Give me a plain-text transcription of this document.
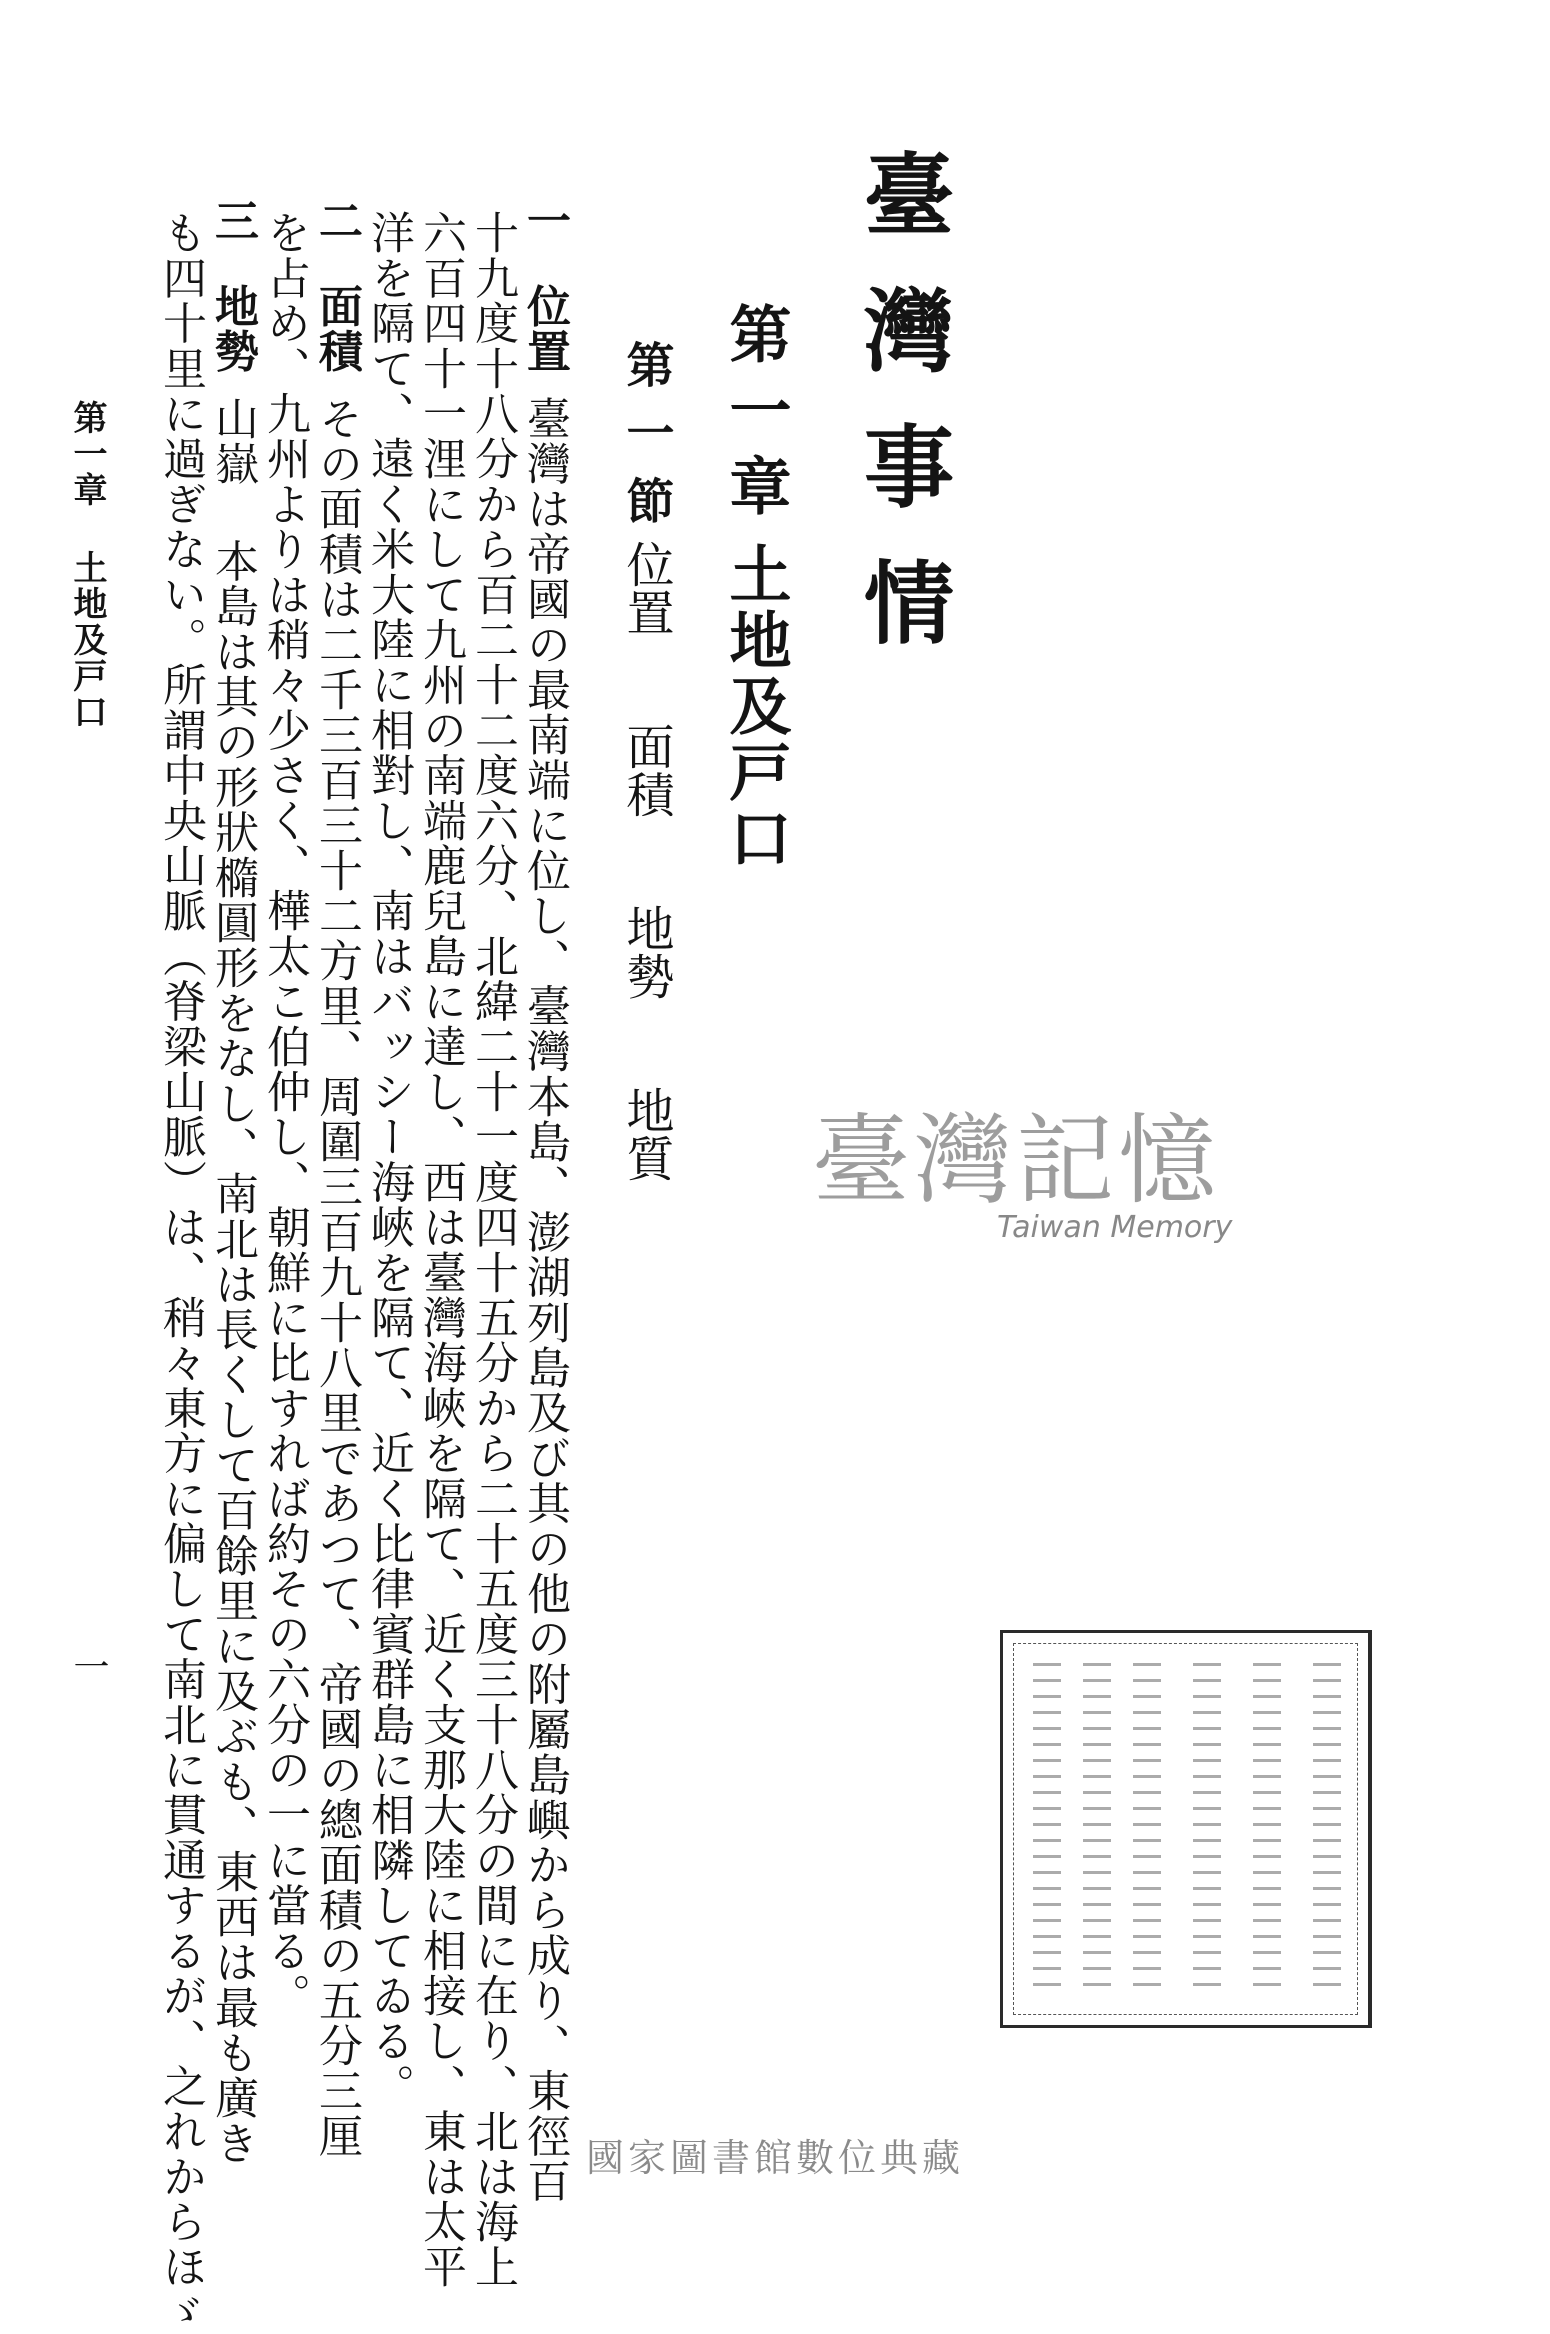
臺灣事情
第一章
土地及戸口
第一節
位置 面積 地勢 地質
一位置臺灣は帝國の最南端に位し、臺灣本島、澎湖列島及び其の他の附屬島嶼から成り、東徑百
十九度十八分から百二十二度六分、北緯二十一度四十五分から二十五度三十八分の間に在り、北は海上
六百四十一浬にして九州の南端鹿兒島に達し、西は臺灣海峽を隔て、近く支那大陸に相接し、東は太平
洋を隔て、遠く米大陸に相對し、南はバッシー海峽を隔て、近く比律賓群島に相隣してゐる。
二面積その面積は二千三百三十二方里、周圍三百九十八里であつて、帝國の總面積の五分三厘
を占め、九州よりは稍々少さく、樺太こ伯仲し、朝鮮に比すれば約その六分の一に當る。
三地勢山嶽 本島は其の形狀橢圓形をなし、南北は長くして百餘里に及ぶも、東西は最も廣き
も四十里に過ぎない。所謂中央山脈（脊梁山脈）は、稍々東方に偏して南北に貫通するが、之れからほゞ
第一章 土地及戸口
一
臺灣記憶
Taiwan Memory
國家圖書館數位典藏
